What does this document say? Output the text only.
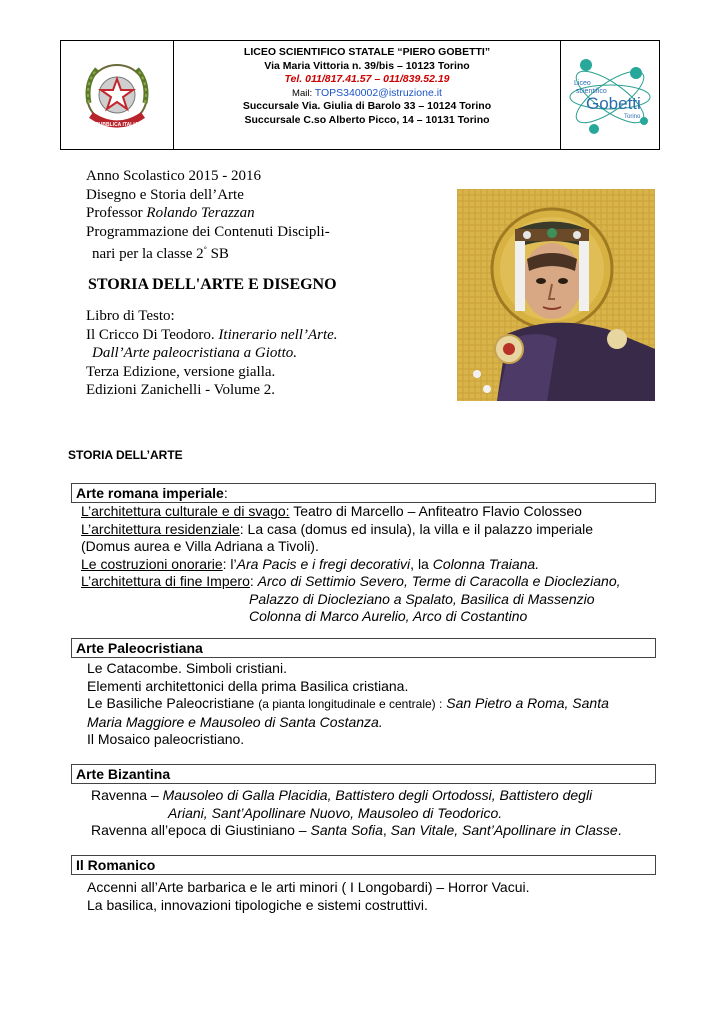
REPUBBLICA ITALIANA
LICEO SCIENTIFICO STATALE “PIERO GOBETTI”
Via Maria Vittoria n. 39/bis – 10123 Torino
Tel. 011/817.41.57 – 011/839.52.19
Mail: TOPS340002@istruzione.it
Succursale Via. Giulia di Barolo 33 – 10124 Torino
Succursale C.so Alberto Picco, 14 – 10131 Torino
Liceo
scientifico
Gobetti
Torino
Anno Scolastico 2015 - 2016
Disegno e Storia dell’Arte
Professor Rolando Terazzan
Programmazione dei Contenuti Discipli-
nari per la classe 2° SB
STORIA DELL'ARTE E DISEGNO
Libro di Testo:
Il Cricco Di Teodoro. Itinerario nell’Arte.
Dall’Arte paleocristiana a Giotto.
Terza Edizione, versione gialla.
Edizioni Zanichelli - Volume 2.
STORIA DELL’ARTE
Arte romana imperiale:
L’architettura culturale e di svago: Teatro di Marcello – Anfiteatro Flavio Colosseo
L’architettura residenziale: La casa (domus ed insula), la villa e il palazzo imperiale
(Domus aurea e Villa Adriana a Tivoli).
Le costruzioni onorarie: l’Ara Pacis e i fregi decorativi, la Colonna Traiana.
L’architettura di fine Impero: Arco di Settimio Severo, Terme di Caracolla e Diocleziano,
Palazzo di Diocleziano a Spalato, Basilica di Massenzio
Colonna di Marco Aurelio, Arco di Costantino
Arte Paleocristiana
Le Catacombe. Simboli cristiani.
Elementi architettonici della prima Basilica cristiana.
Le Basiliche Paleocristiane (a pianta longitudinale e centrale) : San Pietro a Roma, Santa
Maria Maggiore e Mausoleo di Santa Costanza.
Il Mosaico paleocristiano.
Arte Bizantina
Ravenna – Mausoleo di Galla Placidia, Battistero degli Ortodossi, Battistero degli
Ariani, Sant’Apollinare Nuovo, Mausoleo di Teodorico.
Ravenna all’epoca di Giustiniano – Santa Sofia, San Vitale, Sant’Apollinare in Classe.
Il Romanico
Accenni all’Arte barbarica e le arti minori ( I Longobardi) – Horror Vacui.
La basilica, innovazioni tipologiche e sistemi costruttivi.
